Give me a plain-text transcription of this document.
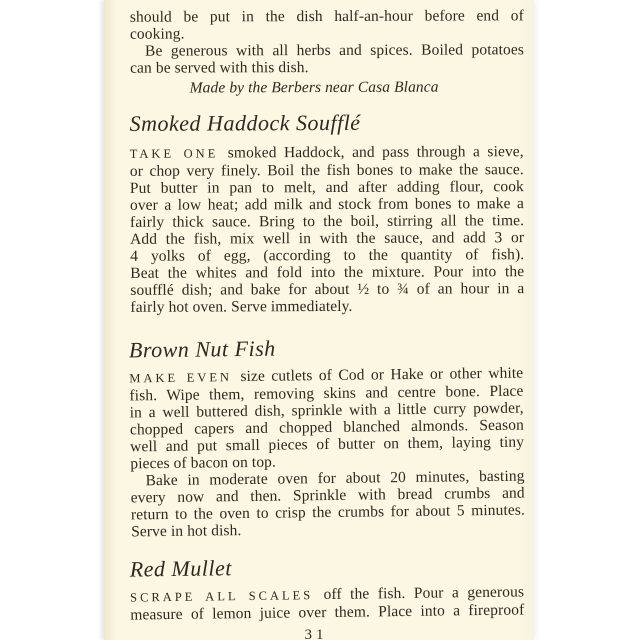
should be put in the dish half-an-hour before end of
cooking.
Be generous with all herbs and spices. Boiled potatoes
can be served with this dish.
Made by the Berbers near Casa Blanca
Smoked Haddock Soufflé
TAKE ONE smoked Haddock, and pass through a sieve,
or chop very finely. Boil the fish bones to make the sauce.
Put butter in pan to melt, and after adding flour, cook
over a low heat; add milk and stock from bones to make a
fairly thick sauce. Bring to the boil, stirring all the time.
Add the fish, mix well in with the sauce, and add 3 or
4 yolks of egg, (according to the quantity of fish).
Beat the whites and fold into the mixture. Pour into the
soufflé dish; and bake for about ½ to ¾ of an hour in a
fairly hot oven. Serve immediately.
Brown Nut Fish
MAKE EVEN size cutlets of Cod or Hake or other white
fish. Wipe them, removing skins and centre bone. Place
in a well buttered dish, sprinkle with a little curry powder,
chopped capers and chopped blanched almonds. Season
well and put small pieces of butter on them, laying tiny
pieces of bacon on top.
Bake in moderate oven for about 20 minutes, basting
every now and then. Sprinkle with bread crumbs and
return to the oven to crisp the crumbs for about 5 minutes.
Serve in hot dish.
Red Mullet
SCRAPE ALL SCALES off the fish. Pour a generous
measure of lemon juice over them. Place into a fireproof
31
